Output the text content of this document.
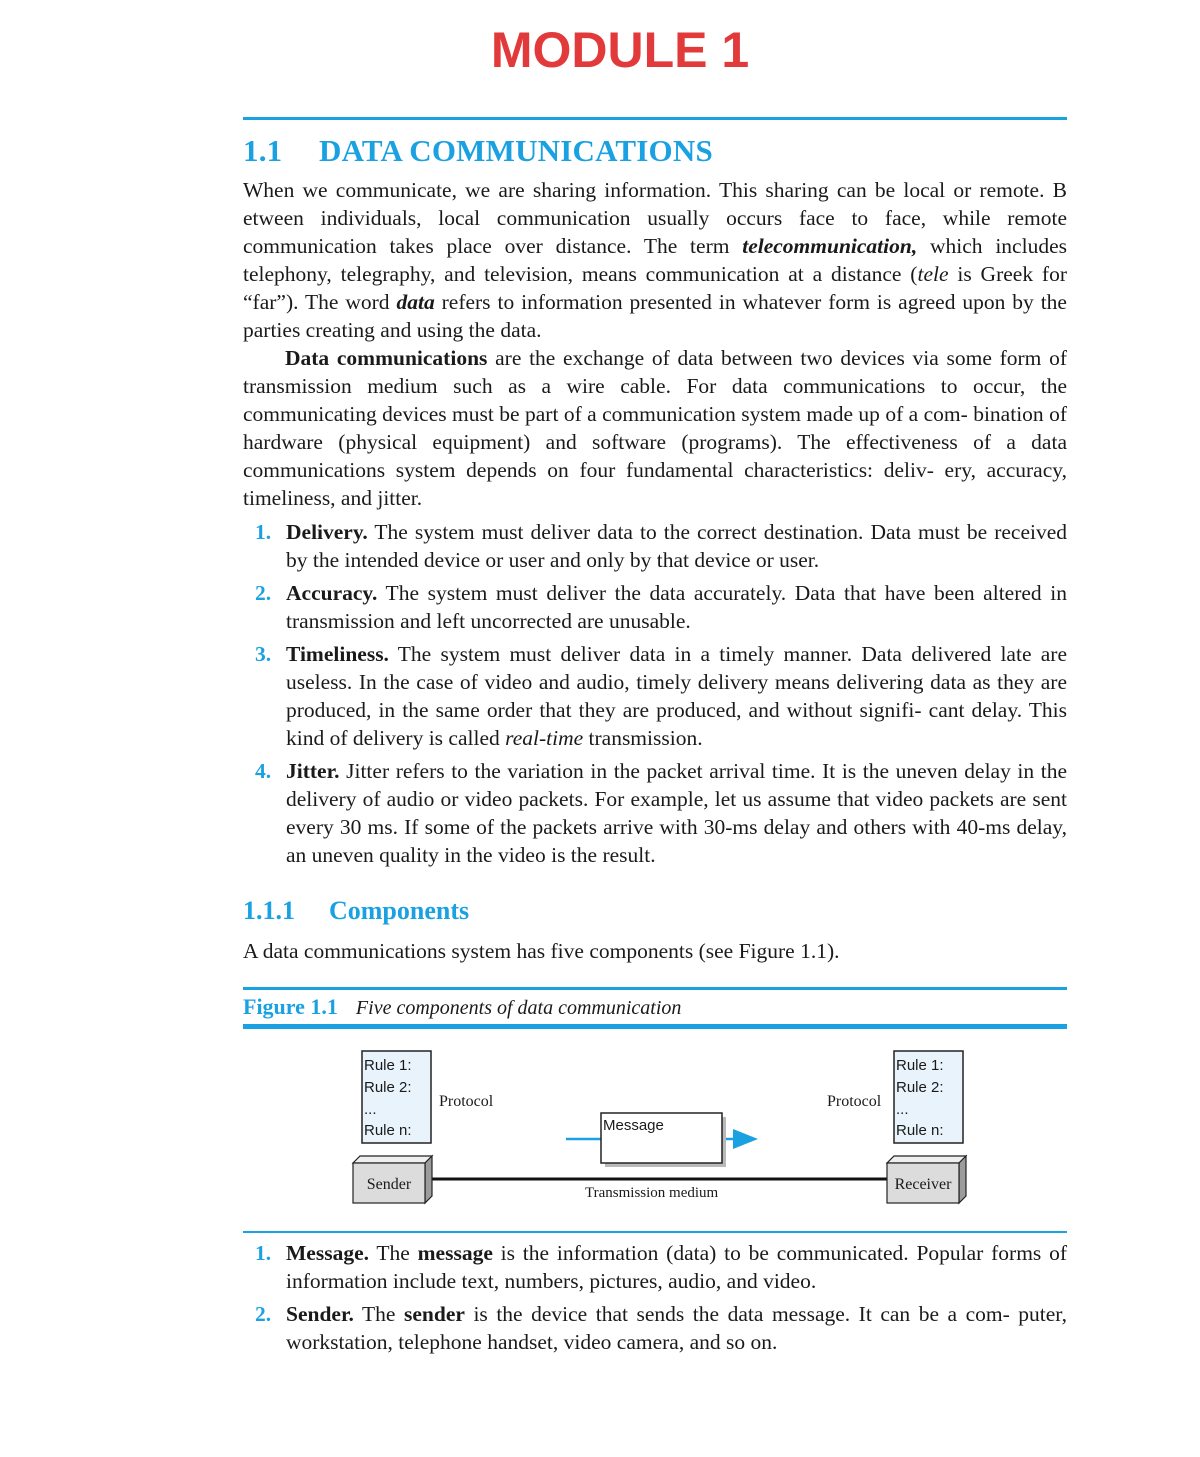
MODULE 1
1.1 DATA COMMUNICATIONS

When we communicate, we are sharing information. This sharing can be local or remote. B etween individuals, local communication usually occurs face to face, while remote communication takes place over distance. The term telecommunication, which includes telephony, telegraphy, and television, means communication at a distance (tele is Greek for “far”). The word data refers to information presented in whatever form is agreed upon by the parties creating and using the data.

Data communications are the exchange of data between two devices via some form of transmission medium such as a wire cable. For data communications to occur, the communicating devices must be part of a communication system made up of a com- bination of hardware (physical equipment) and software (programs). The effectiveness of a data communications system depends on four fundamental characteristics: deliv- ery, accuracy, timeliness, and jitter.

1. Delivery. The system must deliver data to the correct destination. Data must be received by the intended device or user and only by that device or user.
2. Accuracy. The system must deliver the data accurately. Data that have been altered in transmission and left uncorrected are unusable.
3. Timeliness. The system must deliver data in a timely manner. Data delivered late are useless. In the case of video and audio, timely delivery means delivering data as they are produced, in the same order that they are produced, and without signifi- cant delay. This kind of delivery is called real-time transmission.
4. Jitter. Jitter refers to the variation in the packet arrival time. It is the uneven delay in the delivery of audio or video packets. For example, let us assume that video packets are sent every 30 ms. If some of the packets arrive with 30-ms delay and others with 40-ms delay, an uneven quality in the video is the result.
1.1.1 Components

A data communications system has five components (see Figure 1.1).

Figure 1.1 Five components of data communication
Rule 1:
Rule 2:
...
Rule n:
Protocol
Rule 1:
Rule 2:
...
Rule n:
Protocol
Message
Transmission medium
Sender	Receiver
1. Message. The message is the information (data) to be communicated. Popular forms of information include text, numbers, pictures, audio, and video.
2. Sender. The sender is the device that sends the data message. It can be a com- puter, workstation, telephone handset, video camera, and so on.
